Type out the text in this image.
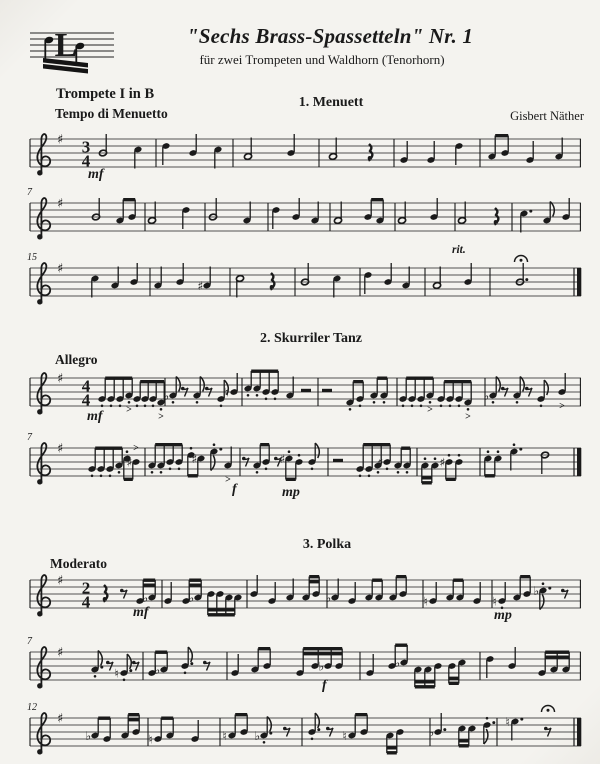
L	"Sechs Brass-Spassetteln" Nr. 1
für zwei Trompeten und Waldhorn (Tenorhorn)
Trompete I in B
1. Menuett
Tempo di Menuetto	Gisbert Näther
2. Skurriler Tanz
Allegro
3. Polka
Moderato
♯ 3
4
mf
♯
7
♯
15
♯
rit.
♯ 4
4
>
>
♭	♮
>
>
♭
>
mf
♯
7
♯
>
♯
>
♯	♯	♯
f	mp
♯ 2
4	♭	♭	♭	♮	♮
♭
mf	mp
♯
7
♮	♭	♭	♭
f
♯
12
♭	♮	♮ ♭	♮	♭
♮
